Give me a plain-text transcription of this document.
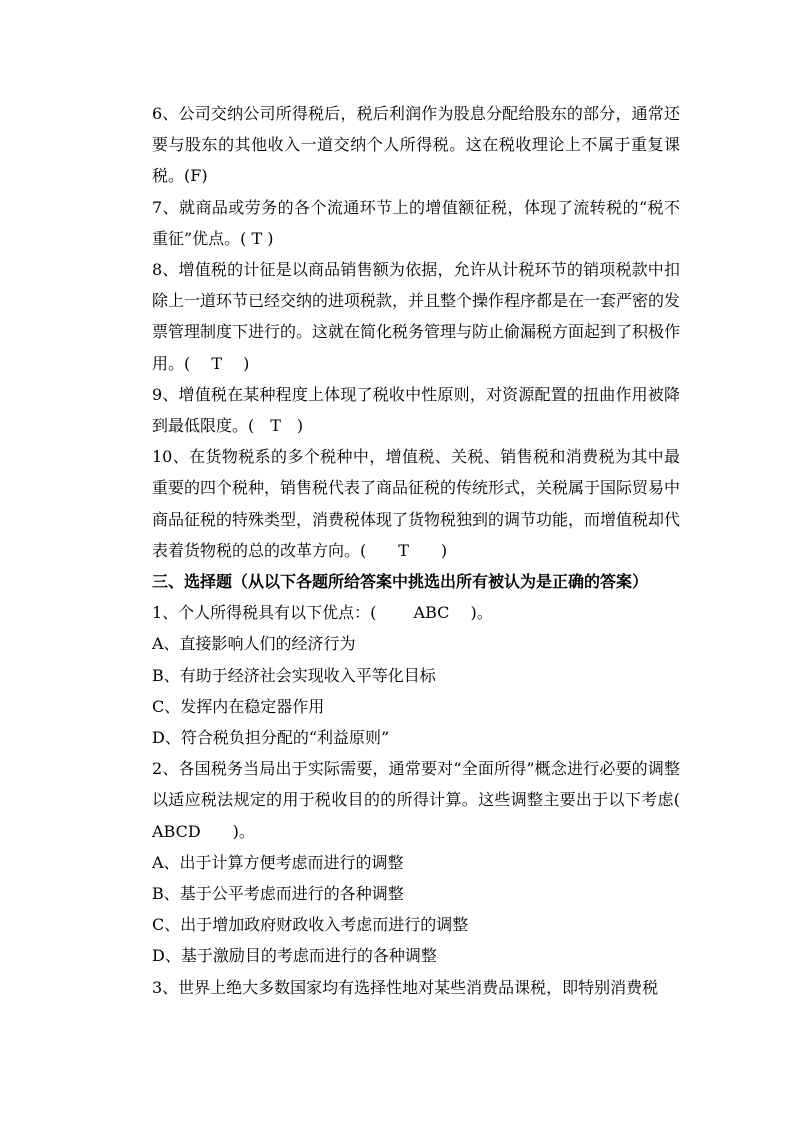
6、公司交纳公司所得税后，税后利润作为股息分配给股东的部分，通常还要与股东的其他收入一道交纳个人所得税。这在税收理论上不属于重复课税。(F)

7、就商品或劳务的各个流通环节上的增值额征税，体现了流转税的“税不重征”优点。( T )

8、增值税的计征是以商品销售额为依据，允许从计税环节的销项税款中扣除上一道环节已经交纳的进项税款，并且整个操作程序都是在一套严密的发票管理制度下进行的。这就在简化税务管理与防止偷漏税方面起到了积极作用。(　 T　 )

9、增值税在某种程度上体现了税收中性原则，对资源配置的扭曲作用被降到最低限度。(　T　)

10、在货物税系的多个税种中，增值税、关税、销售税和消费税为其中最重要的四个税种，销售税代表了商品征税的传统形式，关税属于国际贸易中商品征税的特殊类型，消费税体现了货物税独到的调节功能，而增值税却代表着货物税的总的改革方向。(　　T　　)

三、选择题（从以下各题所给答案中挑选出所有被认为是正确的答案）

1、个人所得税具有以下优点：(　　 ABC　 )。

A、直接影响人们的经济行为

B、有助于经济社会实现收入平等化目标

C、发挥内在稳定器作用

D、符合税负担分配的“利益原则”

2、各国税务当局出于实际需要，通常要对“全面所得”概念进行必要的调整以适应税法规定的用于税收目的的所得计算。这些调整主要出于以下考虑(　　ABCD　　)。

A、出于计算方便考虑而进行的调整

B、基于公平考虑而进行的各种调整

C、出于增加政府财政收入考虑而进行的调整

D、基于激励目的考虑而进行的各种调整

3、世界上绝大多数国家均有选择性地对某些消费品课税，即特别消费税
